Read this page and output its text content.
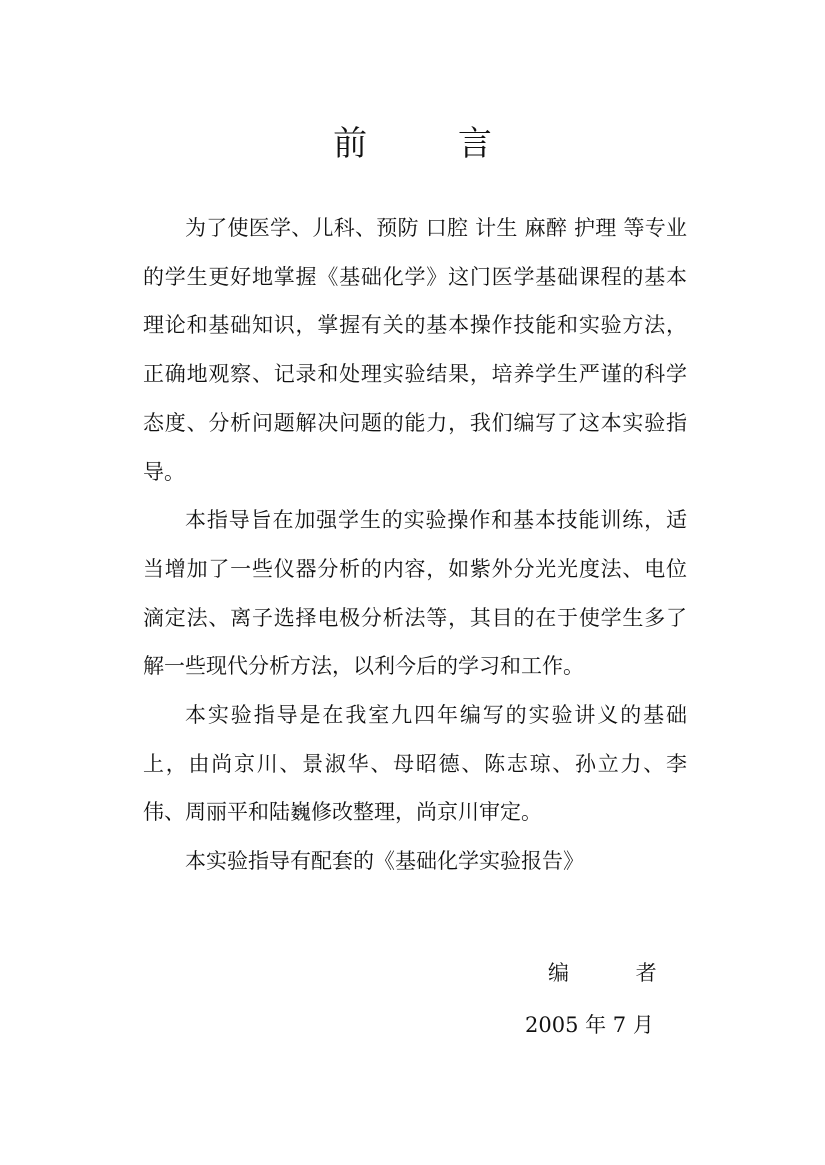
前 言

为了使医学、儿科、预防 口腔 计生 麻醉 护理 等专业的学生更好地掌握《基础化学》这门医学基础课程的基本理论和基础知识，掌握有关的基本操作技能和实验方法，正确地观察、记录和处理实验结果，培养学生严谨的科学态度、分析问题解决问题的能力，我们编写了这本实验指导。

本指导旨在加强学生的实验操作和基本技能训练，适当增加了一些仪器分析的内容，如紫外分光光度法、电位滴定法、离子选择电极分析法等，其目的在于使学生多了解一些现代分析方法，以利今后的学习和工作。

本实验指导是在我室九四年编写的实验讲义的基础上，由尚京川、景淑华、母昭德、陈志琼、孙立力、李伟、周丽平和陆巍修改整理，尚京川审定。

本实验指导有配套的《基础化学实验报告》

编 者
2005 年 7 月
